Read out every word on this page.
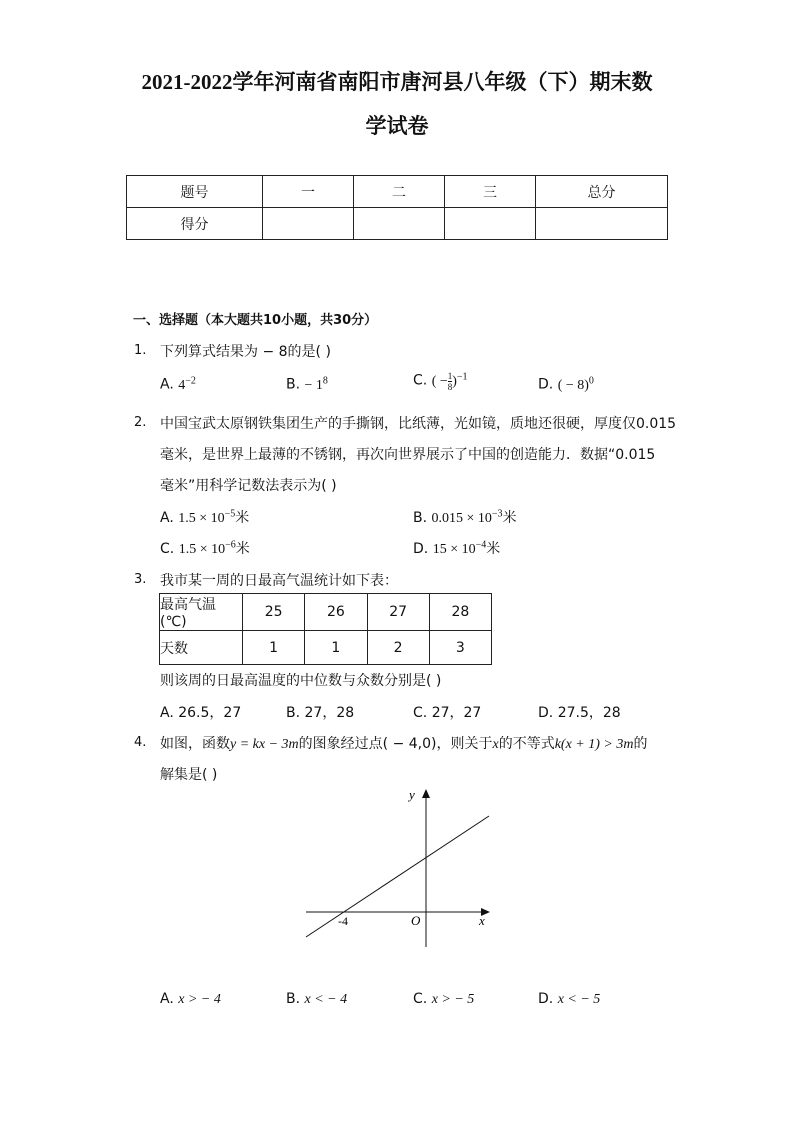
2021-2022学年河南省南阳市唐河县八年级（下）期末数
学试卷
题号	一	二	三	总分
得分				
一、选择题（本大题共10小题，共30分）
1. 下列算式结果为 − 8的是( )
A. $4^{-2}$	B. − $1^8$	C. ( − $\frac{1}{8} )^{-1}$
D. ( − 8)$^0$
2. 中国宝武太原钢铁集团生产的手撕钢，比纸薄，光如镜，质地还很硬，厚度仅0.015
毫米，是世界上最薄的不锈钢，再次向世界展示了中国的创造能力．数据“0.015
毫米”用科学记数法表示为( )
A. $1.5 \times 10^{-5}$米	B. $0.015 \times 10^{-3}$米
C. $1.5 \times 10^{-6}$米	D. $15 \times 10^{-4}$米
3. 我市某一周的日最高气温统计如下表：
最高气温(℃)	25	26	27	28
天数	1	1	2	3
则该周的日最高温度的中位数与众数分别是( )
A. 26.5，27	B. 27，28	C. 27，27	D. 27.5，28
4. 如图，函数y = kx − 3m的图象经过点( − 4,0)，则关于x的不等式k(x + 1) > 3m的
解集是( )
y
x
O
-4
A. x > − 4	B. x < − 4	C. x > − 5	D. x < − 5
